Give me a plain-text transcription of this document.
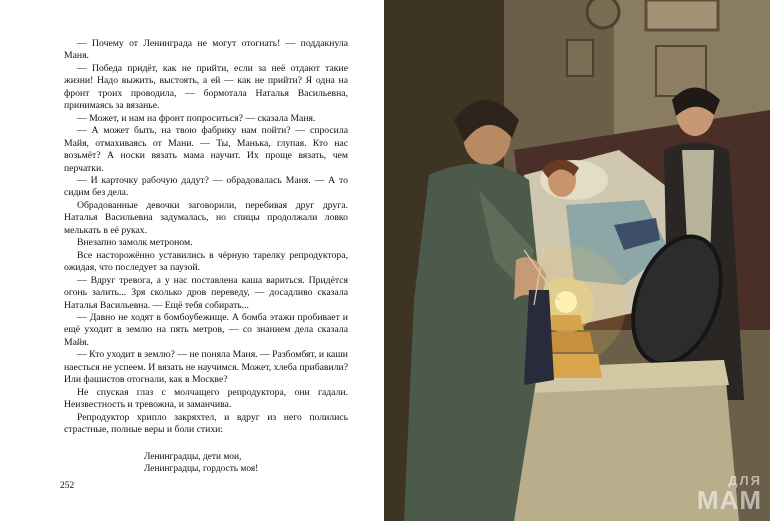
— Почему от Ленинграда не могут отогнать! — поддакнула Маня.

— Победа придёт, как не прийти, если за неё отдают такие жизни! Надо выжить, выстоять, а ей — как не прийти? Я одна на фронт троих проводила, — бормотала Наталья Васильевна, принимаясь за вязанье.

— Может, и нам на фронт попроситься? — сказала Маня.

— А может быть, на твою фабрику нам пойти? — спросила Майя, отмахиваясь от Мани. — Ты, Манька, глупая. Кто нас возьмёт? А носки вязать мама научит. Их проще вязать, чем перчатки.

— И карточку рабочую дадут? — обрадовалась Маня. — А то сидим без дела.

Обрадованные девочки заговорили, перебивая друг друга. Наталья Васильевна задумалась, но спицы продолжали ловко мелькать в её руках.

Внезапно замолк метроном.

Все насторожённо уставились в чёрную тарелку репродуктора, ожидая, что последует за паузой.

— Вдруг тревога, а у нас поставлена каша вариться. Придётся огонь залить... Зря сколько дров переведу, — досадливо сказала Наталья Васильевна. — Ещё тебя собирать...

— Давно не ходят в бомбоубежище. А бомба этажи пробивает и ещё уходит в землю на пять метров, — со знанием дела сказала Майя.

— Кто уходит в землю? — не поняла Маня. — Разбомбят, и каши наесться не успеем. И вязать не научимся. Может, хлеба прибавили? Или фашистов отогнали, как в Москве?

Не спуская глаз с молчащего репродуктора, они гадали. Неизвестность и тревожна, и заманчива.

Репродуктор хрипло закряхтел, и вдруг из него полились страстные, полные веры и боли стихи:

Ленинградцы, дети мои,
Ленинградцы, гордость моя!
252	ДЛЯ
МАМ
